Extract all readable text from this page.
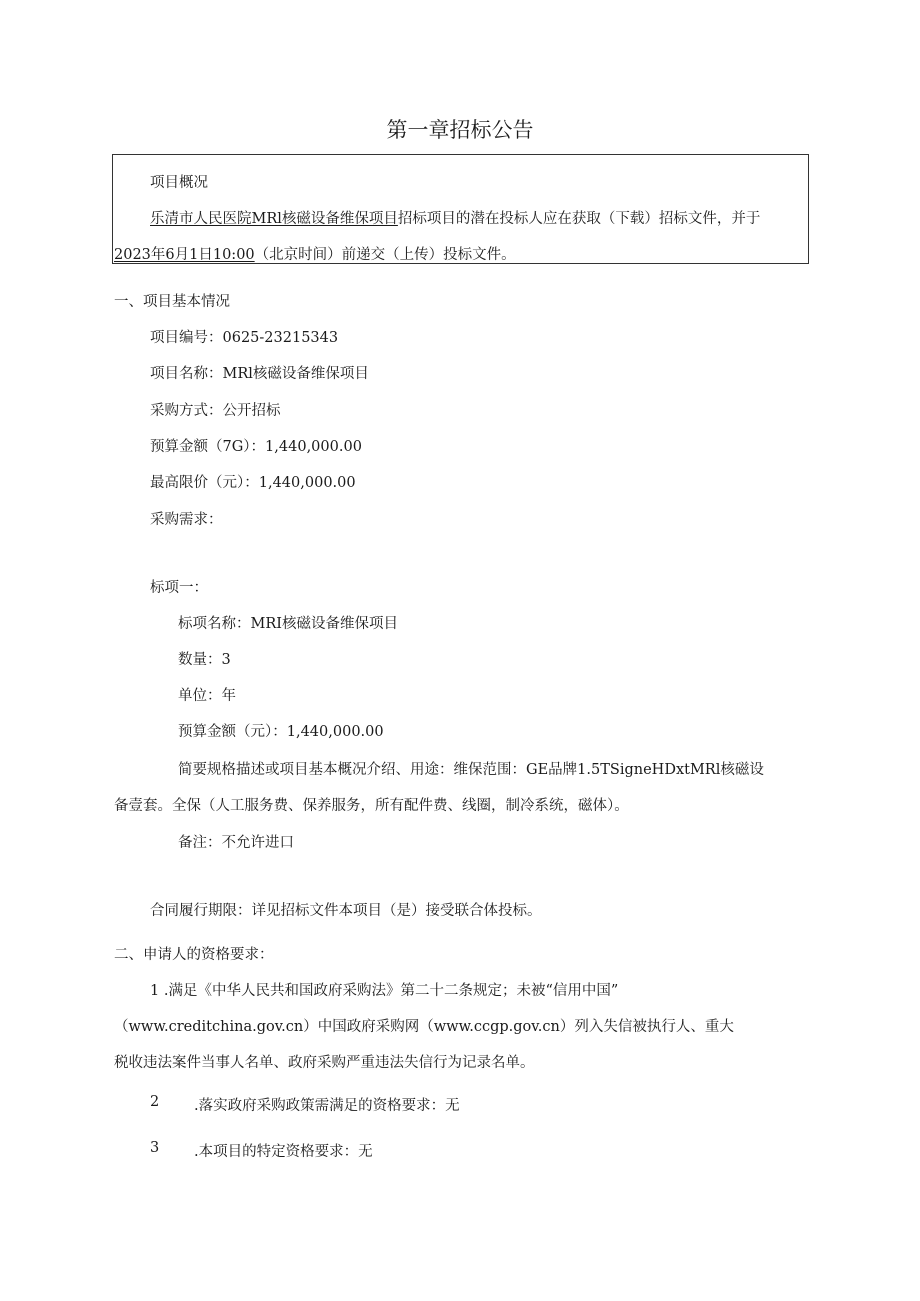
第一章招标公告
项目概况
乐清市人民医院MRl核磁设备维保项目招标项目的潜在投标人应在获取（下载）招标文件，并于
2023年6月1日10:00（北京时间）前递交（上传）投标文件。
一、项目基本情况
项目编号：0625-23215343
项目名称：MRl核磁设备维保项目
采购方式：公开招标
预算金额（7G）：1,440,000.00
最高限价（元）：1,440,000.00
采购需求：
标项一：
标项名称：MRI核磁设备维保项目
数量：3
单位：年
预算金额（元）：1,440,000.00
简要规格描述或项目基本概况介绍、用途：维保范围：GE品牌1.5TSigneHDxtMRl核磁设
备壹套。全保（人工服务费、保养服务，所有配件费、线圈，制冷系统，磁体）。
备注：不允许进口
合同履行期限：详见招标文件本项目（是）接受联合体投标。
二、申请人的资格要求：
1 .满足《中华人民共和国政府采购法》第二十二条规定；未被“信用中国”
（www.creditchina.gov.cn）中国政府采购网（www.ccgp.gov.cn）列入失信被执行人、重大
税收违法案件当事人名单、政府采购严重违法失信行为记录名单。
2 .落实政府采购政策需满足的资格要求：无
3 .本项目的特定资格要求：无
